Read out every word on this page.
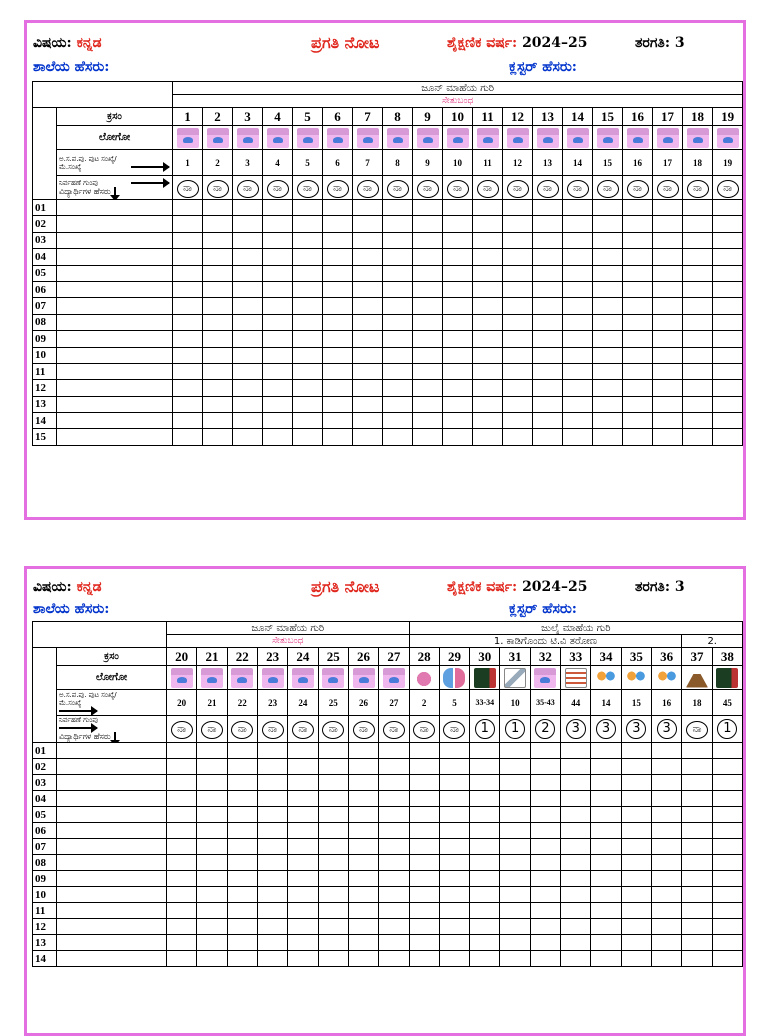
ವಿಷಯ: ಕನ್ನಡ	ಪ್ರಗತಿ ನೋಟ	ಶೈಕ್ಷಣಿಕ ವರ್ಷ: 2024–25	ತರಗತಿ: 3
ಶಾಲೆಯ ಹೆಸರು:	ಕ್ಲಸ್ಟರ್ ಹೆಸರು:
		ಜೂನ್ ಮಾಹೆಯ ಗುರಿ																		
		ಸೇತುಬಂಧ																		
	ಕ್ರಸಂ	1	2	3	4	5	6	7	8	9	10	11	12	13	14	15	16	17	18	19
	ಲೋಗೋ	

	ಅ.ಸ.ಪ.ಪು. ಪುಟ ಸಂಖ್ಯೆ/ಮೆ.ಸಂಖ್ಯೆ	1	2	3	4	5	6	7	8	9	10	11	12	13	14	15	16	17	18	19
	ನಿರ್ವಹಣೆ ಗುಂಪು
ವಿದ್ಯಾರ್ಥಿಗಳ ಹೆಸರು	ನಾ	ನಾ	ನಾ	ನಾ	ನಾ	ನಾ	ನಾ	ನಾ	ನಾ	ನಾ	ನಾ	ನಾ	ನಾ	ನಾ	ನಾ	ನಾ	ನಾ	ನಾ	ನಾ
01																				
02																				
03																				
04																				
05																				
06																				
07																				
08																				
09																				
10																				
11																				
12																				
13																				
14																				
15																				
ವಿಷಯ: ಕನ್ನಡ	ಪ್ರಗತಿ ನೋಟ	ಶೈಕ್ಷಣಿಕ ವರ್ಷ: 2024–25	ತರಗತಿ: 3
ಶಾಲೆಯ ಹೆಸರು:	ಕ್ಲಸ್ಟರ್ ಹೆಸರು:
		ಜೂನ್ ಮಾಹೆಯ ಗುರಿ								ಜುಲೈ ಮಾಹೆಯ ಗುರಿ										
		ಸೇತುಬಂಧ								1. ಕಾಡಿಗೊಂದು ಟಿ.ವಿ ತರೋಣ									2.	
	ಕ್ರಸಂ	20	21	22	23	24	25	26	27	28	29	30	31	32	33	34	35	36	37	38
	ಲೋಗೋ	

	ಅ.ಸ.ಪ.ಪು. ಪುಟ ಸಂಖ್ಯೆ/ಮೆ.ಸಂಖ್ಯೆ	20	21	22	23	24	25	26	27	2	5	33-34	10	35-43	44	14	15	16	18	45
	ನಿರ್ವಹಣೆ ಗುಂಪು
ವಿದ್ಯಾರ್ಥಿಗಳ ಹೆಸರು	ನಾ	ನಾ	ನಾ	ನಾ	ನಾ	ನಾ	ನಾ	ನಾ	ನಾ	ನಾ	1	1	2	3	3	3	3	ನಾ	1
01																				
02																				
03																				
04																				
05																				
06																				
07																				
08																				
09																				
10																				
11																				
12																				
13																				
14																				
